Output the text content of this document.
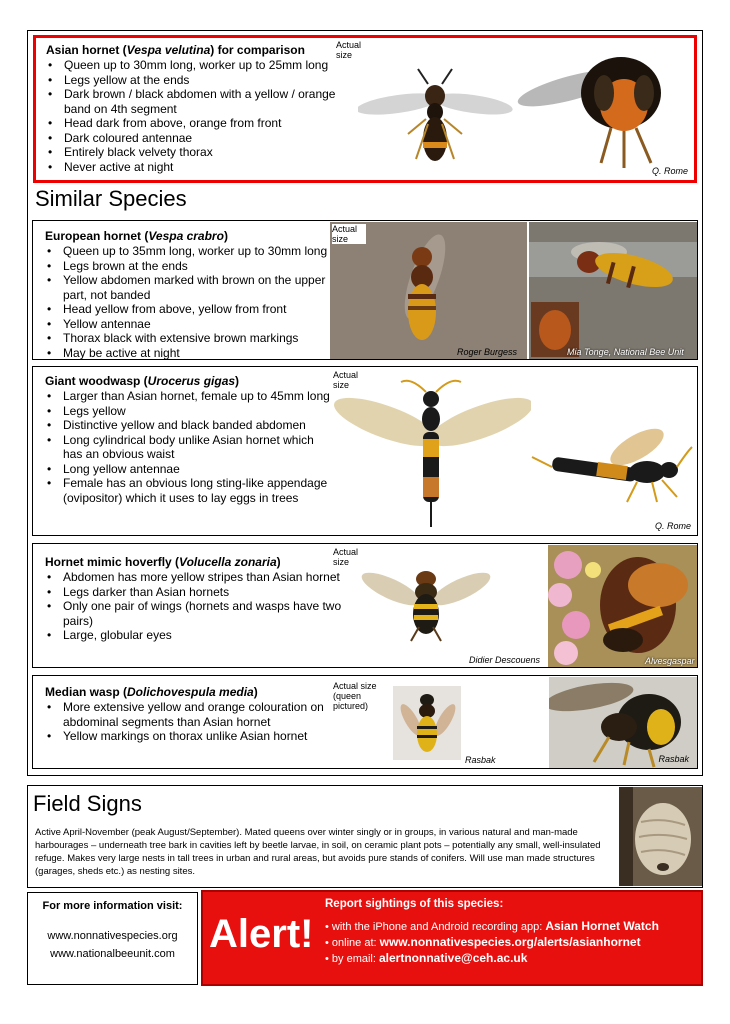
Asian hornet (Vespa velutina) for comparison
• Queen up to 30mm long, worker up to 25mm long
• Legs yellow at the ends
• Dark brown / black abdomen with a yellow / orange band on 4th segment
• Head dark from above, orange from front
• Dark coloured antennae
• Entirely black velvety thorax
• Never active at night
Actual size
Q. Rome
Similar Species
European hornet (Vespa crabro)
• Queen up to 35mm long, worker up to 30mm long
• Legs brown at the ends
• Yellow abdomen marked with brown on the upper part, not banded
• Head yellow from above, yellow from front
• Yellow antennae
• Thorax black with extensive brown markings
• May be active at night
Actual size
Roger Burgess	Mia Tonge, National Bee Unit
Giant woodwasp (Urocerus gigas)
• Larger than Asian hornet, female up to 45mm long
• Legs yellow
• Distinctive yellow and black banded abdomen
• Long cylindrical body unlike Asian hornet which has an obvious waist
• Long yellow antennae
• Female has an obvious long sting-like appendage (ovipositor) which it uses to lay eggs in trees
Actual size
Q. Rome
Hornet mimic hoverfly (Volucella zonaria)
• Abdomen has more yellow stripes than Asian hornet
• Legs darker than Asian hornets
• Only one pair of wings (hornets and wasps have two pairs)
• Large, globular eyes
Actual size
Didier Descouens	Alvesgaspar
Median wasp (Dolichovespula media)
• More extensive yellow and orange colouration on abdominal segments than Asian hornet
• Yellow markings on thorax unlike Asian hornet
Actual size (queen pictured)
Rasbak	Rasbak
Field Signs

Active April-November (peak August/September). Mated queens over winter singly or in groups, in various natural and man-made harbourages – underneath tree bark in cavities left by beetle larvae, in soil, on ceramic plant pots – potentially any small, well-insulated refuge. Makes very large nests in tall trees in urban and rural areas, but avoids pure stands of conifers. Will use man made structures (garages, sheds etc.) as nesting sites.

For more information visit:
www.nonnativespecies.org
www.nationalbeeunit.com Alert!
Report sightings of this species:
• with the iPhone and Android recording app: Asian Hornet Watch
• online at: www.nonnativespecies.org/alerts/asianhornet
• by email: alertnonnative@ceh.ac.uk
